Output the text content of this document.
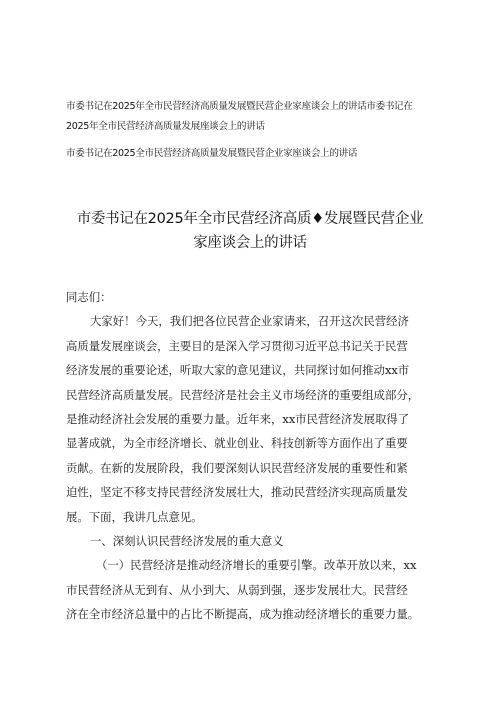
市委书记在2025年全市民营经济高质量发展暨民营企业家座谈会上的讲话市委书记在
2025年全市民营经济高质量发展座谈会上的讲话
市委书记在2025全市民营经济高质量发展暨民营企业家座谈会上的讲话
市委书记在2025年全市民营经济高质♦发展暨民营企业
家座谈会上的讲话
同志们：
大家好！今天，我们把各位民营企业家请来，召开这次民营经济
高质量发展座谈会，主要目的是深入学习贯彻习近平总书记关于民营
经济发展的重要论述，听取大家的意见建议，共同探讨如何推动xx市
民营经济高质量发展。民营经济是社会主义市场经济的重要组成部分，
是推动经济社会发展的重要力量。近年来，xx市民营经济发展取得了
显著成就，为全市经济增长、就业创业、科技创新等方面作出了重要
贡献。在新的发展阶段，我们要深刻认识民营经济发展的重要性和紧
迫性，坚定不移支持民营经济发展壮大，推动民营经济实现高质量发
展。下面，我讲几点意见。
一、深刻认识民营经济发展的重大意义
（一）民营经济是推动经济增长的重要引擎。改革开放以来，xx
市民营经济从无到有、从小到大、从弱到强，逐步发展壮大。民营经
济在全市经济总量中的占比不断提高，成为推动经济增长的重要力量。
